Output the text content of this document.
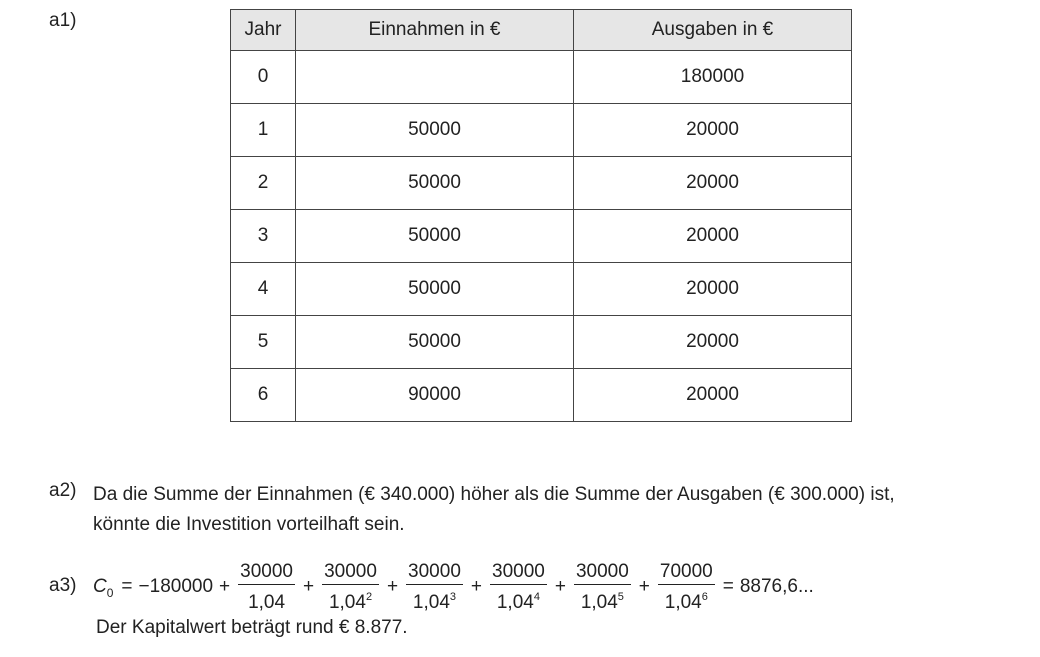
a1)	Jahr	Einnahmen in €	Ausgaben in €
0		180000
1	50000	20000
2	50000	20000
3	50000	20000
4	50000	20000
5	50000	20000
6	90000	20000
a2) Da die Summe der Einnahmen (€ 340.000) höher als die Summe der Ausgaben (€ 300.000) ist, könnte die Investition vorteilhaft sein.
a3) C $0 = -180000 + \frac{30000}{1,04} + \frac{30000}{1,04^2} + \frac{30000}{1,04^3} + \frac{30000}{1,04^4} + \frac{30000}{1,04^5} + \frac{70000}{1,04^6} = 8876,6$...
Der Kapitalwert beträgt rund € 8.877.
